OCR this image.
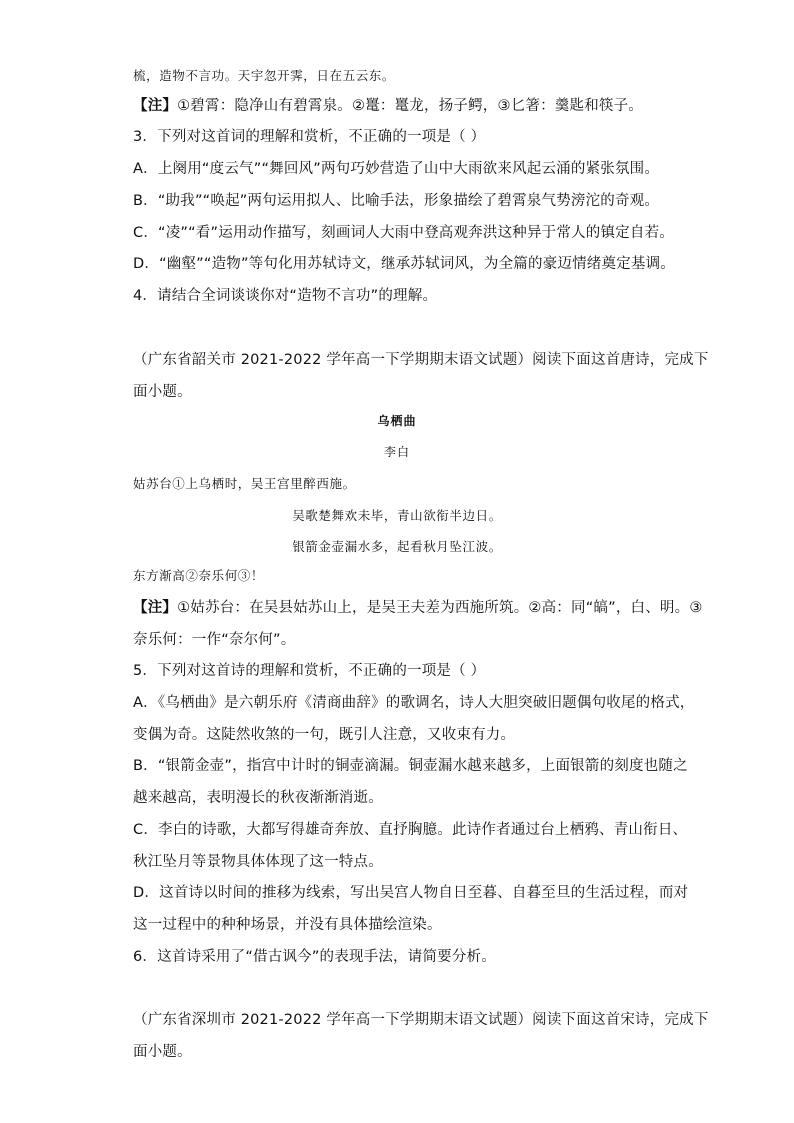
梳，造物不言功。天宇忽开霁，日在五云东。
【注】①碧霄：隐净山有碧霄泉。②鼍：鼍龙，扬子鳄，③匕箸：羹匙和筷子。
3．下列对这首词的理解和赏析，不正确的一项是（ ）
A．上阕用“度云气”“舞回风”两句巧妙营造了山中大雨欲来风起云涌的紧张氛围。
B．“助我”“唤起”两句运用拟人、比喻手法，形象描绘了碧霄泉气势滂沱的奇观。
C．“凌”“看”运用动作描写，刻画词人大雨中登高观奔洪这种异于常人的镇定自若。
D．“幽壑”“造物”等句化用苏轼诗文，继承苏轼词风，为全篇的豪迈情绪奠定基调。
4．请结合全词谈谈你对“造物不言功”的理解。
（广东省韶关市 2021-2022 学年高一下学期期末语文试题）阅读下面这首唐诗，完成下
面小题。
乌栖曲
李白
姑苏台①上乌栖时，吴王宫里醉西施。
吴歌楚舞欢未毕，青山欲衔半边日。
银箭金壶漏水多，起看秋月坠江波。
东方渐高②奈乐何③！
【注】①姑苏台：在吴县姑苏山上，是吴王夫差为西施所筑。②高：同“皜”，白、明。③
奈乐何：一作“奈尔何”。
5．下列对这首诗的理解和赏析，不正确的一项是（ ）
A．《乌栖曲》是六朝乐府《清商曲辞》的歌调名，诗人大胆突破旧题偶句收尾的格式，
变偶为奇。这陡然收煞的一句，既引人注意，又收束有力。
B．“银箭金壶”，指宫中计时的铜壶滴漏。铜壶漏水越来越多，上面银箭的刻度也随之
越来越高，表明漫长的秋夜渐渐消逝。
C．李白的诗歌，大都写得雄奇奔放、直抒胸臆。此诗作者通过台上栖鸦、青山衔日、
秋江坠月等景物具体体现了这一特点。
D．这首诗以时间的推移为线索，写出吴宫人物自日至暮、自暮至旦的生活过程，而对
这一过程中的种种场景，并没有具体描绘渲染。
6．这首诗采用了“借古讽今”的表现手法，请简要分析。
（广东省深圳市 2021-2022 学年高一下学期期末语文试题）阅读下面这首宋诗，完成下
面小题。
